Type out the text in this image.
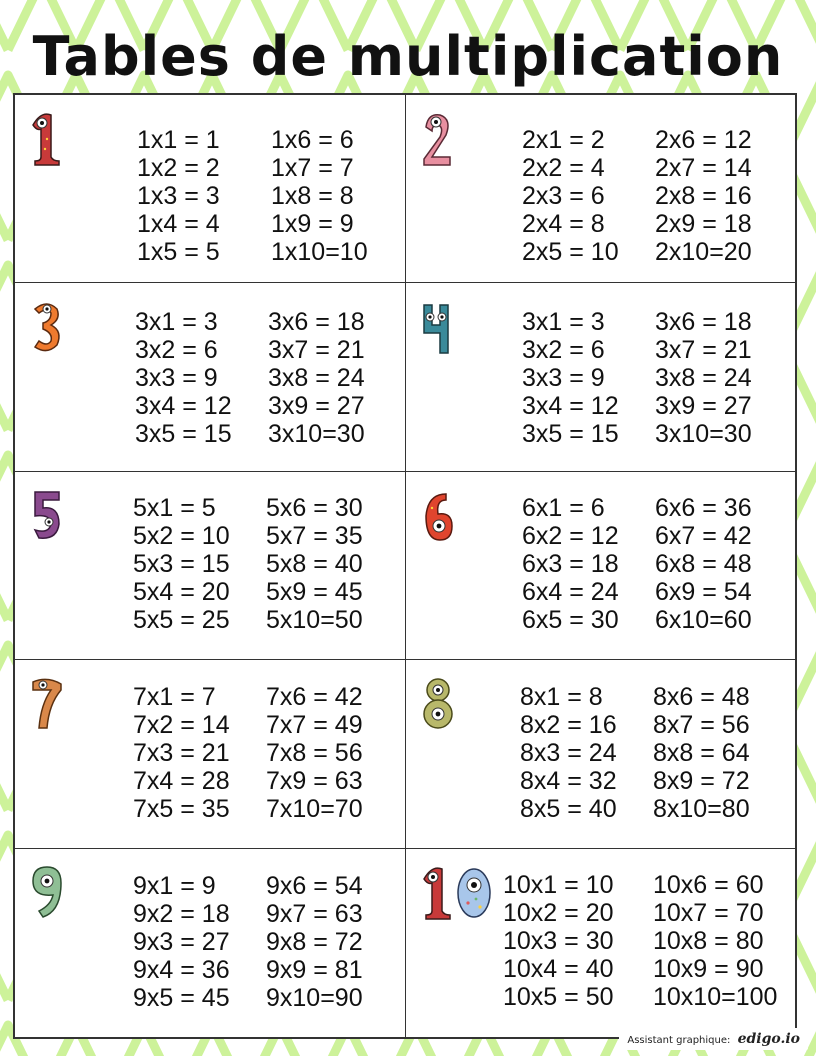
Tables de multiplication
1x1 = 1
1x2 = 2
1x3 = 3
1x4 = 4
1x5 = 5
1x6 = 6
1x7 = 7
1x8 = 8
1x9 = 9
1x10=10
2x1 = 2
2x2 = 4
2x3 = 6
2x4 = 8
2x5 = 10
2x6 = 12
2x7 = 14
2x8 = 16
2x9 = 18
2x10=20
3x1 = 3
3x2 = 6
3x3 = 9
3x4 = 12
3x5 = 15
3x6 = 18
3x7 = 21
3x8 = 24
3x9 = 27
3x10=30
3x1 = 3
3x2 = 6
3x3 = 9
3x4 = 12
3x5 = 15
3x6 = 18
3x7 = 21
3x8 = 24
3x9 = 27
3x10=30
5x1 = 5
5x2 = 10
5x3 = 15
5x4 = 20
5x5 = 25
5x6 = 30
5x7 = 35
5x8 = 40
5x9 = 45
5x10=50
6x1 = 6
6x2 = 12
6x3 = 18
6x4 = 24
6x5 = 30
6x6 = 36
6x7 = 42
6x8 = 48
6x9 = 54
6x10=60
7x1 = 7
7x2 = 14
7x3 = 21
7x4 = 28
7x5 = 35
7x6 = 42
7x7 = 49
7x8 = 56
7x9 = 63
7x10=70
8x1 = 8
8x2 = 16
8x3 = 24
8x4 = 32
8x5 = 40
8x6 = 48
8x7 = 56
8x8 = 64
8x9 = 72
8x10=80
9x1 = 9
9x2 = 18
9x3 = 27
9x4 = 36
9x5 = 45
9x6 = 54
9x7 = 63
9x8 = 72
9x9 = 81
9x10=90
10x1 = 10
10x2 = 20
10x3 = 30
10x4 = 40
10x5 = 50
10x6 = 60
10x7 = 70
10x8 = 80
10x9 = 90
10x10=100
Assistant graphique: edigo.io
